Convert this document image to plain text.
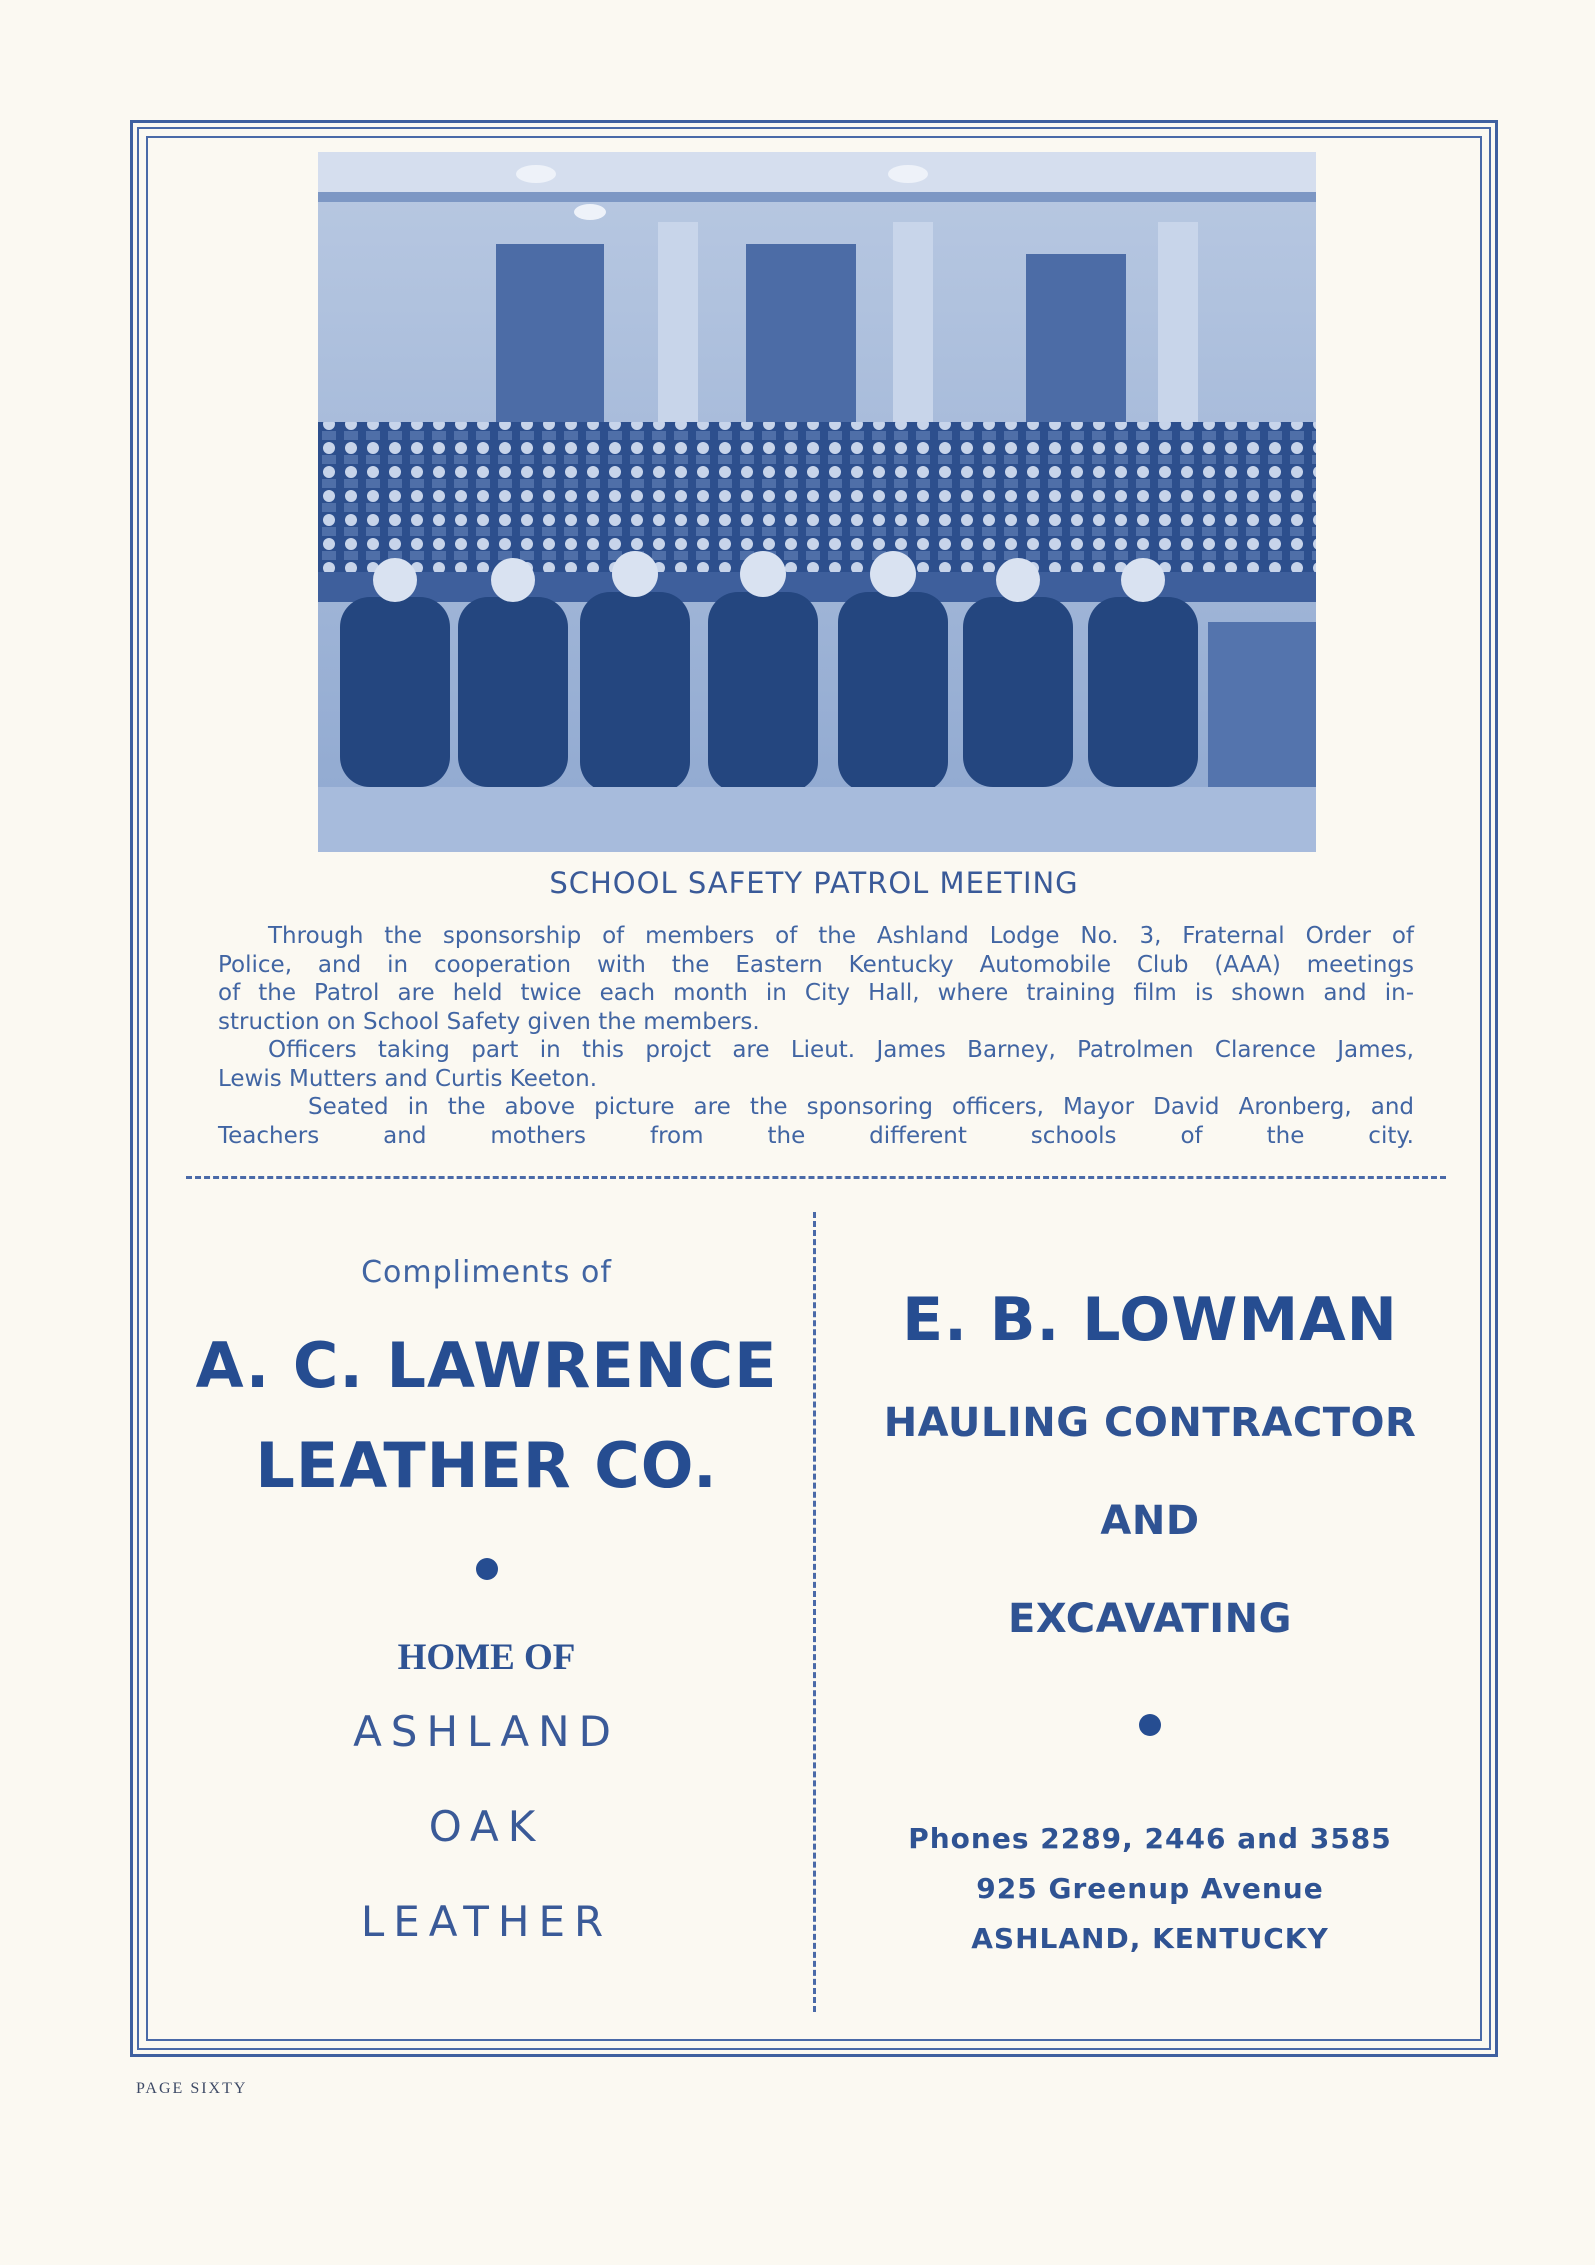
SCHOOL SAFETY PATROL MEETING

Through the sponsorship of members of the Ashland Lodge No. 3, Fraternal Order of

Police, and in cooperation with the Eastern Kentucky Automobile Club (AAA) meetings

of the Patrol are held twice each month in City Hall, where training film is shown and in-

struction on School Safety given the members.

Officers taking part in this projct are Lieut. James Barney, Patrolmen Clarence James,

Lewis Mutters and Curtis Keeton.

Seated in the above picture are the sponsoring officers, Mayor David Aronberg, and

Teachers and mothers from the different schools of the city.

Compliments of
A. C. LAWRENCE
LEATHER CO.
HOME OF
ASHLAND
OAK
LEATHER
E. B. LOWMAN
HAULING CONTRACTOR
AND
EXCAVATING
Phones 2289, 2446 and 3585
925 Greenup Avenue
ASHLAND, KENTUCKY
PAGE SIXTY
